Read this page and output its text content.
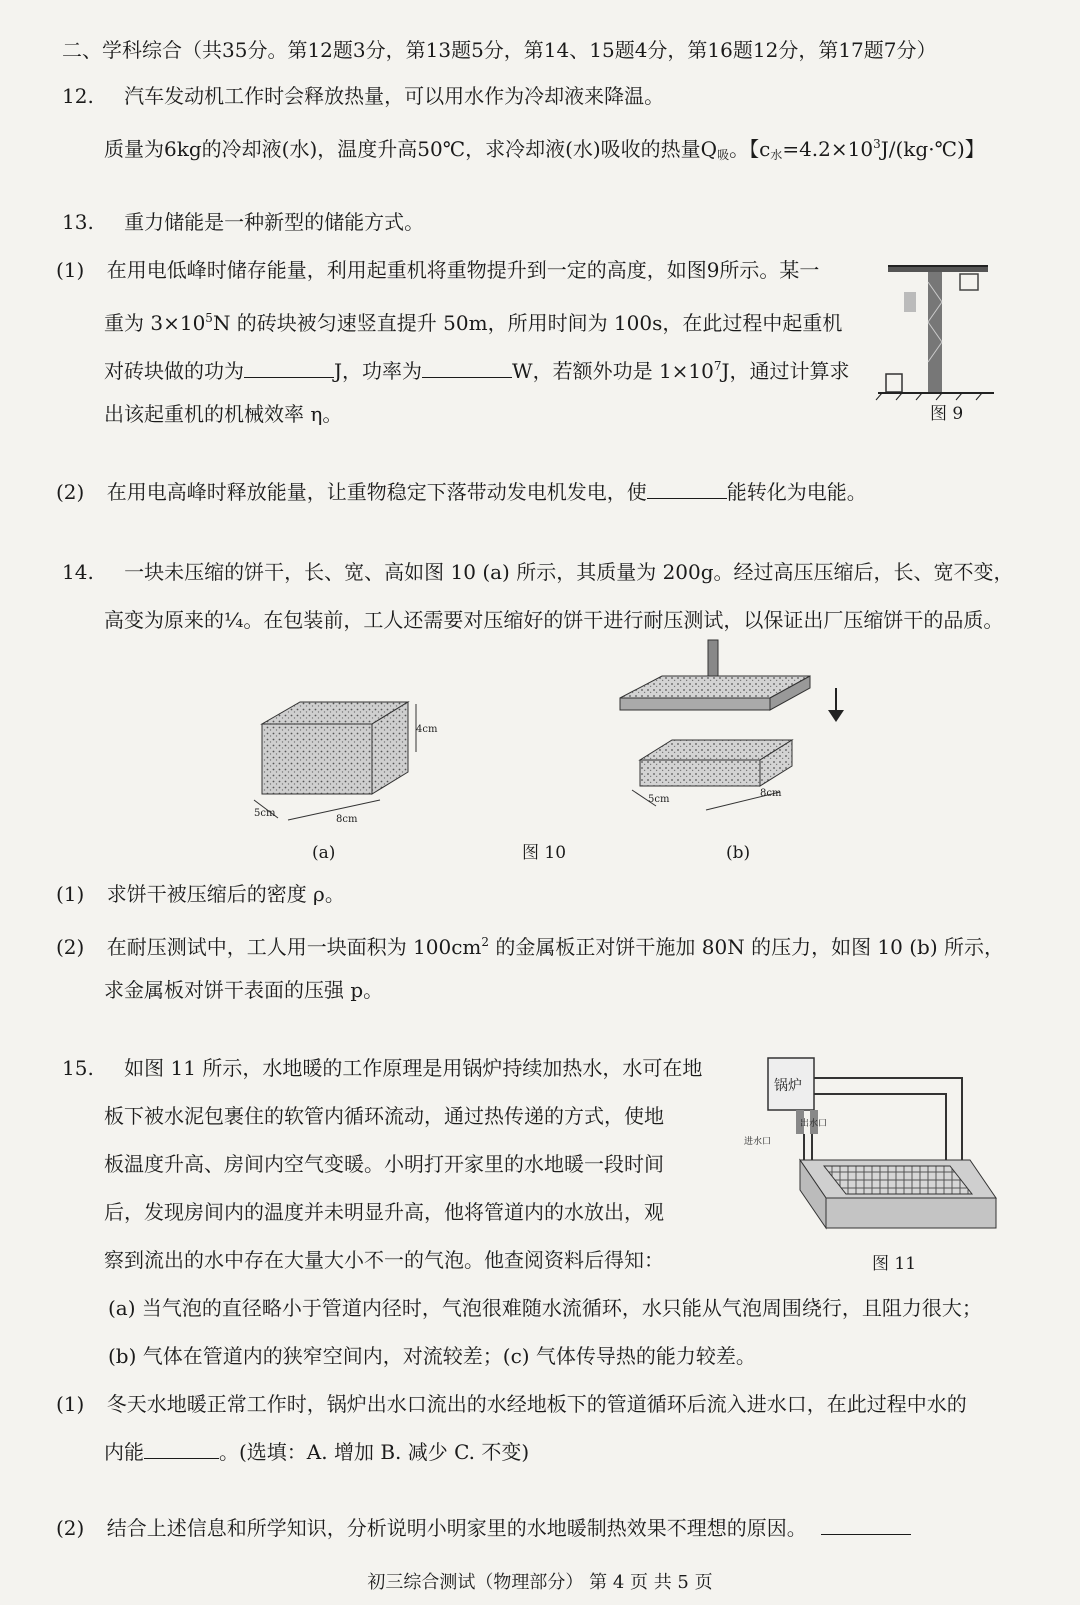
二、学科综合（共35分。第12题3分，第13题5分，第14、15题4分，第16题12分，第17题7分）
12. 汽车发动机工作时会释放热量，可以用水作为冷却液来降温。
质量为6kg的冷却液(水)，温度升高50℃，求冷却液(水)吸收的热量$Q_吸$。【$c_水=4.2\times 10^3J/(kg\cdot℃)$】
13. 重力储能是一种新型的储能方式。
(1) 在用电低峰时储存能量，利用起重机将重物提升到一定的高度，如图9所示。某一
重为 $3\times 10^5N$ 的砖块被匀速竖直提升 50m，所用时间为 100s，在此过程中起重机
对砖块做的功为	J，功率为	W，若额外功是 $1\times 10^7J$，通过计算求
出该起重机的机械效率 η。	图 9
(2) 在用电高峰时释放能量，让重物稳定下落带动发电机发电，使	能转化为电能。
14. 一块未压缩的饼干，长、宽、高如图 10 (a) 所示，其质量为 200g。经过高压压缩后，长、宽不变，
高变为原来的¼。在包装前，工人还需要对压缩好的饼干进行耐压测试，以保证出厂压缩饼干的品质。
4cm
5cm
8cm
5cm
8cm
(a)	图 10	(b)
(1) 求饼干被压缩后的密度 ρ。
(2) 在耐压测试中，工人用一块面积为 $100cm^2$ 的金属板正对饼干施加 80N 的压力，如图 10 (b) 所示，
求金属板对饼干表面的压强 p。
15. 如图 11 所示，水地暖的工作原理是用锅炉持续加热水，水可在地
板下被水泥包裹住的软管内循环流动，通过热传递的方式，使地
板温度升高、房间内空气变暖。小明打开家里的水地暖一段时间
后，发现房间内的温度并未明显升高，他将管道内的水放出，观
察到流出的水中存在大量大小不一的气泡。他查阅资料后得知：
锅炉
出水口
进水口
图 11
(a) 当气泡的直径略小于管道内径时，气泡很难随水流循环，水只能从气泡周围绕行，且阻力很大；
(b) 气体在管道内的狭窄空间内，对流较差；(c) 气体传导热的能力较差。
(1) 冬天水地暖正常工作时，锅炉出水口流出的水经地板下的管道循环后流入进水口，在此过程中水的
内能	。(选填：A. 增加 B. 减少 C. 不变)
(2) 结合上述信息和所学知识，分析说明小明家里的水地暖制热效果不理想的原因。
初三综合测试（物理部分） 第 4 页 共 5 页
